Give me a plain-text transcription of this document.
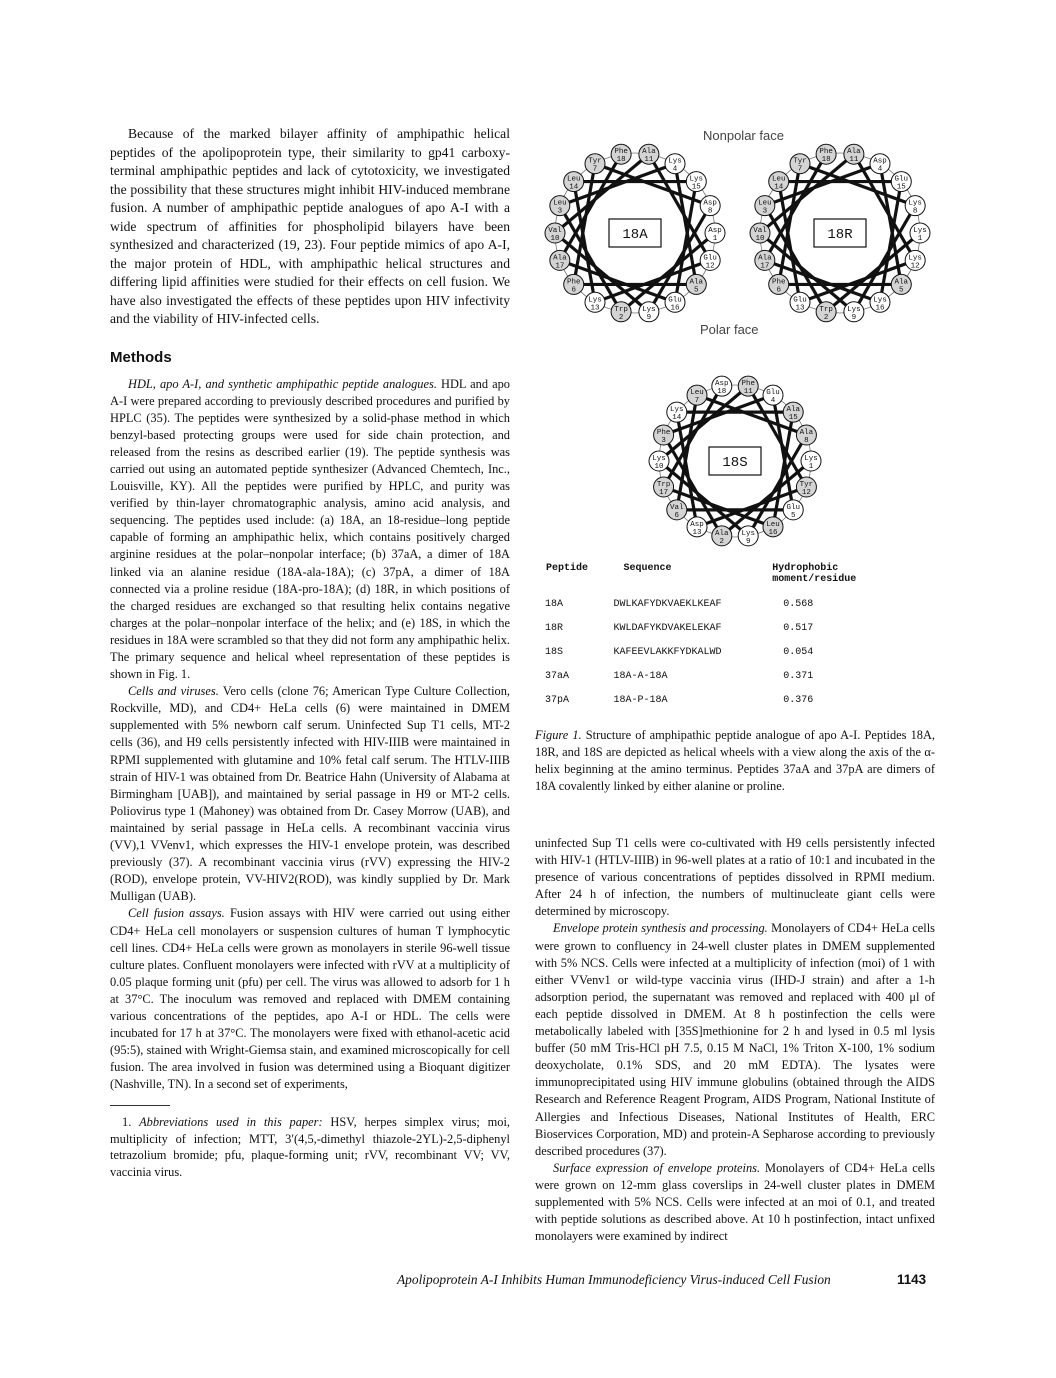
Because of the marked bilayer affinity of amphipathic helical peptides of the apolipoprotein type, their similarity to gp41 carboxy-terminal amphipathic peptides and lack of cytotoxicity, we investigated the possibility that these structures might inhibit HIV-induced membrane fusion. A number of amphipathic peptide analogues of apo A-I with a wide spectrum of affinities for phospholipid bilayers have been synthesized and characterized (19, 23). Four peptide mimics of apo A-I, the major protein of HDL, with amphipathic helical structures and differing lipid affinities were studied for their effects on cell fusion. We have also investigated the effects of these peptides upon HIV infectivity and the viability of HIV-infected cells.

Methods

HDL, apo A-I, and synthetic amphipathic peptide analogues. HDL and apo A-I were prepared according to previously described procedures and purified by HPLC (35). The peptides were synthesized by a solid-phase method in which benzyl-based protecting groups were used for side chain protection, and released from the resins as described earlier (19). The peptide synthesis was carried out using an automated peptide synthesizer (Advanced Chemtech, Inc., Louisville, KY). All the peptides were purified by HPLC, and purity was verified by thin-layer chromatographic analysis, amino acid analysis, and sequencing. The peptides used include: (a) 18A, an 18-residue–long peptide capable of forming an amphipathic helix, which contains positively charged arginine residues at the polar–nonpolar interface; (b) 37aA, a dimer of 18A linked via an alanine residue (18A-ala-18A); (c) 37pA, a dimer of 18A connected via a proline residue (18A-pro-18A); (d) 18R, in which positions of the charged residues are exchanged so that resulting helix contains negative charges at the polar–nonpolar interface of the helix; and (e) 18S, in which the residues in 18A were scrambled so that they did not form any amphipathic helix. The primary sequence and helical wheel representation of these peptides is shown in Fig. 1.

Cells and viruses. Vero cells (clone 76; American Type Culture Collection, Rockville, MD), and CD4+ HeLa cells (6) were maintained in DMEM supplemented with 5% newborn calf serum. Uninfected Sup T1 cells, MT-2 cells (36), and H9 cells persistently infected with HIV-IIIB were maintained in RPMI supplemented with glutamine and 10% fetal calf serum. The HTLV-IIIB strain of HIV-1 was obtained from Dr. Beatrice Hahn (University of Alabama at Birmingham [UAB]), and maintained by serial passage in H9 or MT-2 cells. Poliovirus type 1 (Mahoney) was obtained from Dr. Casey Morrow (UAB), and maintained by serial passage in HeLa cells. A recombinant vaccinia virus (VV),1 VVenv1, which expresses the HIV-1 envelope protein, was described previously (37). A recombinant vaccinia virus (rVV) expressing the HIV-2 (ROD), envelope protein, VV-HIV2(ROD), was kindly supplied by Dr. Mark Mulligan (UAB).

Cell fusion assays. Fusion assays with HIV were carried out using either CD4+ HeLa cell monolayers or suspension cultures of human T lymphocytic cell lines. CD4+ HeLa cells were grown as monolayers in sterile 96-well tissue culture plates. Confluent monolayers were infected with rVV at a multiplicity of 0.05 plaque forming unit (pfu) per cell. The virus was allowed to adsorb for 1 h at 37°C. The inoculum was removed and replaced with DMEM containing various concentrations of the peptides, apo A-I or HDL. The cells were incubated for 17 h at 37°C. The monolayers were fixed with ethanol-acetic acid (95:5), stained with Wright-Giemsa stain, and examined microscopically for cell fusion. The area involved in fusion was determined using a Bioquant digitizer (Nashville, TN). In a second set of experiments,

1. Abbreviations used in this paper: HSV, herpes simplex virus; moi, multiplicity of infection; MTT, 3′(4,5,-dimethyl thiazole-2YL)-2,5-diphenyl tetrazolium bromide; pfu, plaque-forming unit; rVV, recombinant VV; VV, vaccinia virus.

Nonpolar face
Polar face
18A
Leu
3
Leu
14
Tyr
7
Phe
18
Ala
11 Lys
4
Lys
15
Asp
8
Asp
1
Glu
12
Ala
5
Glu
16
Lys
9
Trp
2
Lys
13
Phe
6
Ala
17
Val
10	18R
Leu
3
Leu
14
Tyr
7
Phe
18
Ala
11 Asp
4
Glu
15
Lys
8
Lys
1
Lys
12
Ala
5
Lys
16
Lys
9
Trp
2
Glu
13
Phe
6
Ala
17
Val
10
18S
Phe
3
Lys
14
Leu
7
Asp
18
Phe
11 Glu
4
Ala
15
Ala
8
Lys
1
Tyr
12
Glu
5
Leu
16
Lys
9
Ala
2
Asp
13
Val
6
Trp
17
Lys
10
Peptide	Sequence	Hydrophobic moment/residue
18A	DWLKAFYDKVAEKLKEAF	0.568
18R	KWLDAFYKDVAKELEKAF	0.517
18S	KAFEEVLAKKFYDKALWD	0.054
37aA	18A-A-18A	0.371
37pA	18A-P-18A	0.376
Figure 1. Structure of amphipathic peptide analogue of apo A-I. Peptides 18A, 18R, and 18S are depicted as helical wheels with a view along the axis of the α-helix beginning at the amino terminus. Peptides 37aA and 37pA are dimers of 18A covalently linked by either alanine or proline.

uninfected Sup T1 cells were co-cultivated with H9 cells persistently infected with HIV-1 (HTLV-IIIB) in 96-well plates at a ratio of 10:1 and incubated in the presence of various concentrations of peptides dissolved in RPMI medium. After 24 h of infection, the numbers of multinucleate giant cells were determined by microscopy.

Envelope protein synthesis and processing. Monolayers of CD4+ HeLa cells were grown to confluency in 24-well cluster plates in DMEM supplemented with 5% NCS. Cells were infected at a multiplicity of infection (moi) of 1 with either VVenv1 or wild-type vaccinia virus (IHD-J strain) and after a 1-h adsorption period, the supernatant was removed and replaced with 400 μl of each peptide dissolved in DMEM. At 8 h postinfection the cells were metabolically labeled with [35S]methionine for 2 h and lysed in 0.5 ml lysis buffer (50 mM Tris-HCl pH 7.5, 0.15 M NaCl, 1% Triton X-100, 1% sodium deoxycholate, 0.1% SDS, and 20 mM EDTA). The lysates were immunoprecipitated using HIV immune globulins (obtained through the AIDS Research and Reference Reagent Program, AIDS Program, National Institute of Allergies and Infectious Diseases, National Institutes of Health, ERC Bioservices Corporation, MD) and protein-A Sepharose according to previously described procedures (37).

Surface expression of envelope proteins. Monolayers of CD4+ HeLa cells were grown on 12-mm glass coverslips in 24-well cluster plates in DMEM supplemented with 5% NCS. Cells were infected at an moi of 0.1, and treated with peptide solutions as described above. At 10 h postinfection, intact unfixed monolayers were examined by indirect

Apolipoprotein A-I Inhibits Human Immunodeficiency Virus-induced Cell Fusion	1143
